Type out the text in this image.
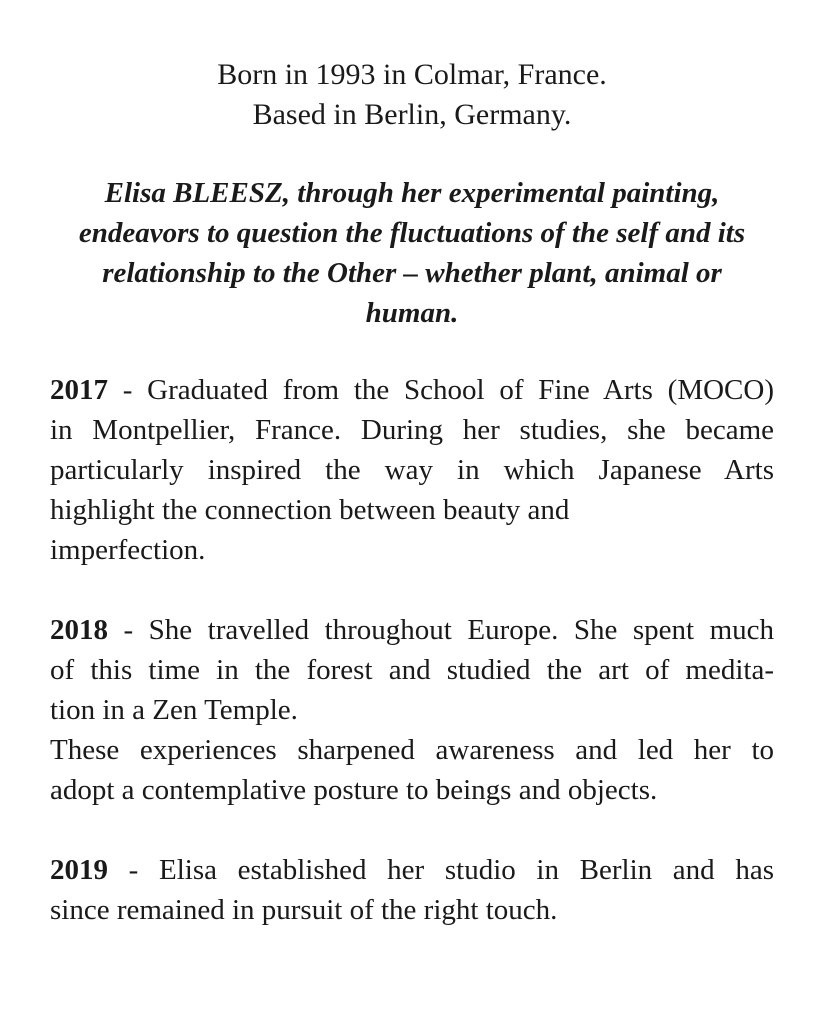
Born in 1993 in Colmar, France.
Based in Berlin, Germany.
Elisa BLEESZ, through her experimental painting,
endeavors to question the fluctuations of the self and its
relationship to the Other – whether plant, animal or
human.
2017 - Graduated from the School of Fine Arts (MOCO)
in Montpellier, France. During her studies, she became
particularly inspired the way in which Japanese Arts
highlight the connection between beauty and
imperfection.
2018 - She travelled throughout Europe. She spent much
of this time in the forest and studied the art of medita-
tion in a Zen Temple.
These experiences sharpened awareness and led her to
adopt a contemplative posture to beings and objects.
2019 - Elisa established her studio in Berlin and has
since remained in pursuit of the right touch.
